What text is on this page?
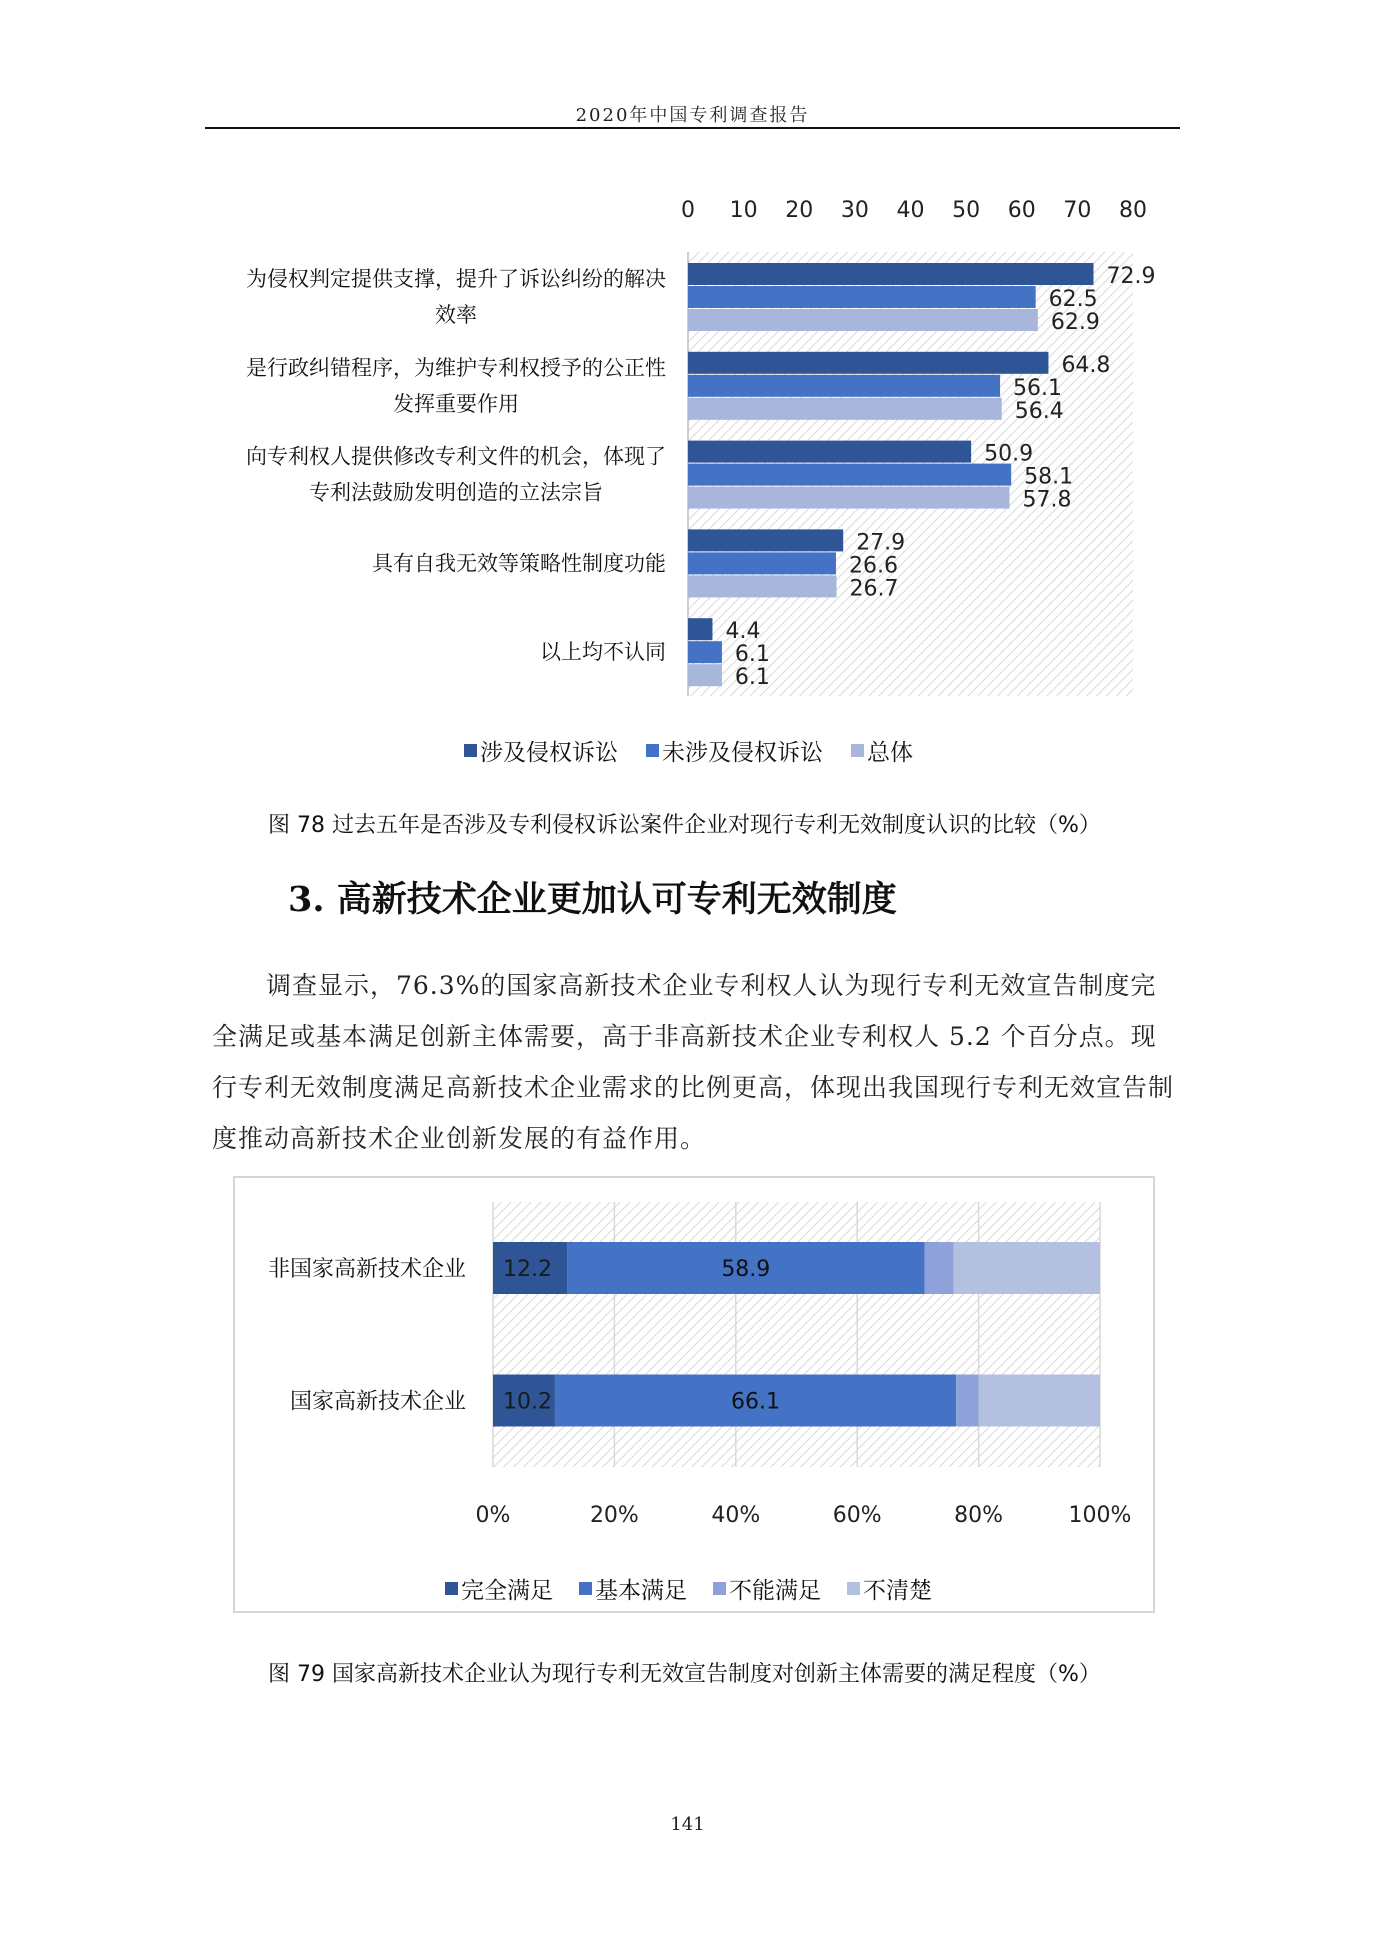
2020年中国专利调查报告
0 10 20 30 40 50 60 70 80
为侵权判定提供支撑，提升了诉讼纠纷的解决效率
是行政纠错程序，为维护专利权授予的公正性发挥重要作用
向专利权人提供修改专利文件的机会，体现了专利法鼓励发明创造的立法宗旨
具有自我无效等策略性制度功能
以上均不认同
72.9
62.5
62.9
64.8
56.1
56.4
50.9
58.1
57.8
27.9
26.6
26.7
4.4
6.1
6.1
涉及侵权诉讼 未涉及侵权诉讼 总体
图 78 过去五年是否涉及专利侵权诉讼案件企业对现行专利无效制度认识的比较（%）
3. 高新技术企业更加认可专利无效制度

调查显示，76.3%的国家高新技术企业专利权人认为现行专利无效宣告制度完全满足或基本满足创新主体需要，高于非高新技术企业专利权人 5.2 个百分点。现行专利无效制度满足高新技术企业需求的比例更高，体现出我国现行专利无效宣告制度推动高新技术企业创新发展的有益作用。

0%	20%	40%	60%	80%	100%
非国家高新技术企业
国家高新技术企业
12.2	58.9
10.2	66.1
完全满足 基本满足 不能满足 不清楚
图 79 国家高新技术企业认为现行专利无效宣告制度对创新主体需要的满足程度（%）
141
